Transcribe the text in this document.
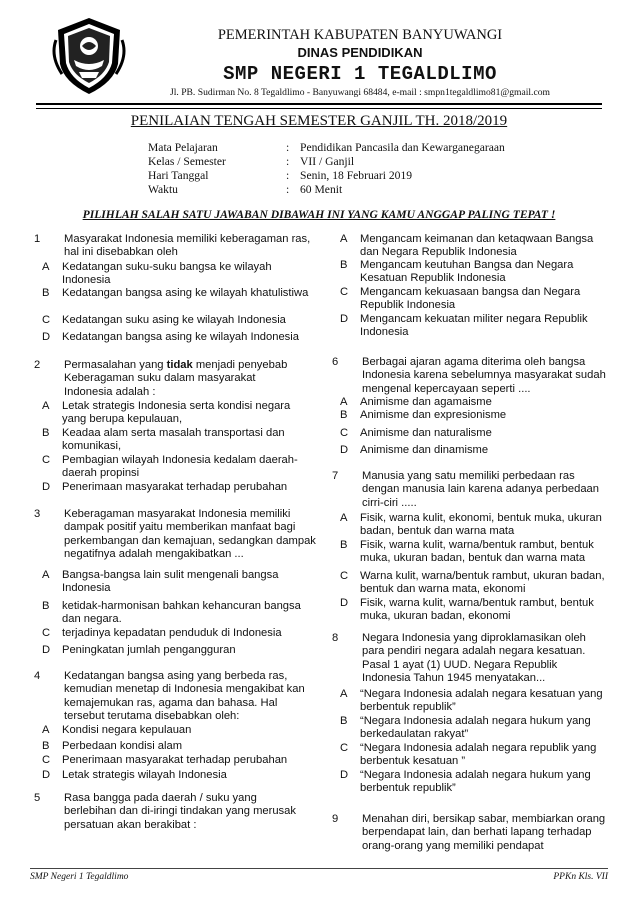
PEMERINTAH KABUPATEN BANYUWANGI
DINAS PENDIDIKAN
SMP NEGERI 1 TEGALDLIMO
Jl. PB. Sudirman No. 8 Tegaldlimo - Banyuwangi 68484, e-mail : smpn1tegaldlimo81@gmail.com
PENILAIAN TENGAH SEMESTER GANJIL TH. 2018/2019
Mata Pelajaran	: Pendidikan Pancasila dan Kewarganegaraan
Kelas / Semester	: VII / Ganjil
Hari Tanggal	: Senin, 18 Februari 2019
Waktu	: 60 Menit
PILIHLAH SALAH SATU JAWABAN DIBAWAH INI YANG KAMU ANGGAP PALING TEPAT !
1	Masyarakat Indonesia memiliki keberagaman ras, hal ini disebabkan oleh
A	Kedatangan suku-suku bangsa ke wilayah Indonesia
B	Kedatangan bangsa asing ke wilayah khatulistiwa
C	Kedatangan suku asing ke wilayah Indonesia
D	Kedatangan bangsa asing ke wilayah Indonesia
2	Permasalahan yang tidak menjadi penyebab Keberagaman suku dalam masyarakat Indonesia adalah :
A	Letak strategis Indonesia serta kondisi negara yang berupa kepulauan,
B	Keadaa alam serta masalah transportasi dan komunikasi,
C	Pembagian wilayah Indonesia kedalam daerah-daerah propinsi
D	Penerimaan masyarakat terhadap perubahan
3	Keberagaman masyarakat Indonesia memiliki dampak positif yaitu memberikan manfaat bagi perkembangan dan kemajuan, sedangkan dampak negatifnya adalah mengakibatkan ...
A	Bangsa-bangsa lain sulit mengenali bangsa Indonesia
B	ketidak-harmonisan bahkan kehancuran bangsa dan negara.
C	terjadinya kepadatan penduduk di Indonesia
D	Peningkatan jumlah pengangguran
4	Kedatangan bangsa asing yang berbeda ras, kemudian menetap di Indonesia mengakibat kan kemajemukan ras, agama dan bahasa. Hal tersebut terutama disebabkan oleh:
A	Kondisi negara kepulauan
B	Perbedaan kondisi alam
C	Penerimaan masyarakat terhadap perubahan
D	Letak strategis wilayah Indonesia
5	Rasa bangga pada daerah / suku yang berlebihan dan di-iringi tindakan yang merusak persatuan akan berakibat :
A	Mengancam keimanan dan ketaqwaan Bangsa dan Negara Republik Indonesia
B	Mengancam keutuhan Bangsa dan Negara Kesatuan Republik Indonesia
C	Mengancam kekuasaan bangsa dan Negara Republik Indonesia
D	Mengancam kekuatan militer negara Republik Indonesia
6	Berbagai ajaran agama diterima oleh bangsa Indonesia karena sebelumnya masyarakat sudah mengenal kepercayaan seperti ....
A	Animisme dan agamaisme
B	Animisme dan expresionisme
C	Animisme dan naturalisme
D	Animisme dan dinamisme
7	Manusia yang satu memiliki perbedaan ras dengan manusia lain karena adanya perbedaan cirri-ciri .....
A	Fisik, warna kulit, ekonomi, bentuk muka, ukuran badan, bentuk dan warna mata
B	Fisik, warna kulit, warna/bentuk rambut, bentuk muka, ukuran badan, bentuk dan warna mata
C	Warna kulit, warna/bentuk rambut, ukuran badan, bentuk dan warna mata, ekonomi
D	Fisik, warna kulit, warna/bentuk rambut, bentuk muka, ukuran badan, ekonomi
8	Negara Indonesia yang diproklamasikan oleh para pendiri negara adalah negara kesatuan. Pasal 1 ayat (1) UUD. Negara Republik Indonesia Tahun 1945 menyatakan...
A	“Negara Indonesia adalah negara kesatuan yang berbentuk republik”
B	“Negara Indonesia adalah negara hukum yang berkedaulatan rakyat”
C	“Negara Indonesia adalah negara republik yang berbentuk kesatuan ”
D	“Negara Indonesia adalah negara hukum yang berbentuk republik”
9	Menahan diri, bersikap sabar, membiarkan orang berpendapat lain, dan berhati lapang terhadap orang-orang yang memiliki pendapat
SMP Negeri 1 Tegaldlimo	PPKn Kls. VII
